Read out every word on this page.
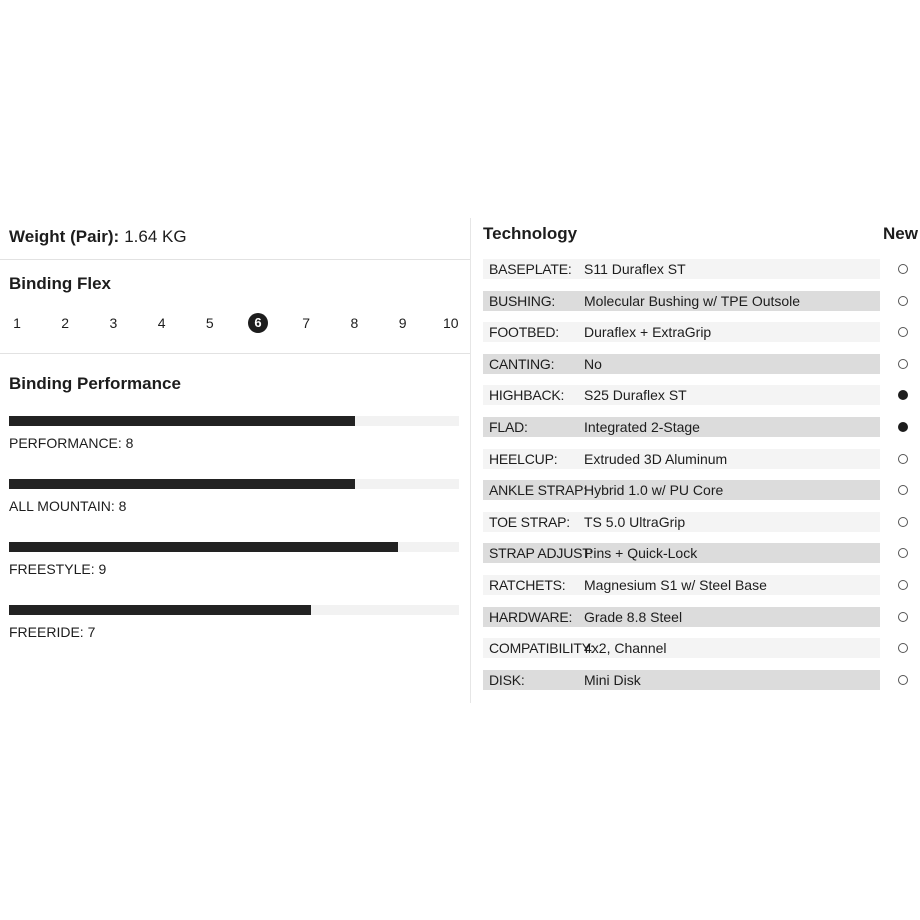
Weight (Pair): 1.64 KG
Binding Flex
1	2	3	4	5	6	7	8	9	10
Binding Performance
PERFORMANCE: 8
ALL MOUNTAIN: 8
FREESTYLE: 9
FREERIDE: 7
Technology	New
BASEPLATE: S11 Duraflex ST
BUSHING:	Molecular Bushing w/ TPE Outsole
FOOTBED:	Duraflex + ExtraGrip
CANTING:	No
HIGHBACK:	S25 Duraflex ST
FLAD:	Integrated 2-Stage
HEELCUP:	Extruded 3D Aluminum
ANKLE STRAP:
Hybrid 1.0 w/ PU Core
TOE STRAP:	TS 5.0 UltraGrip
STRAP ADJUST:
Pins + Quick-Lock
RATCHETS:	Magnesium S1 w/ Steel Base
HARDWARE: Grade 8.8 Steel
COMPATIBILITY:
4x2, Channel
DISK:	Mini Disk
